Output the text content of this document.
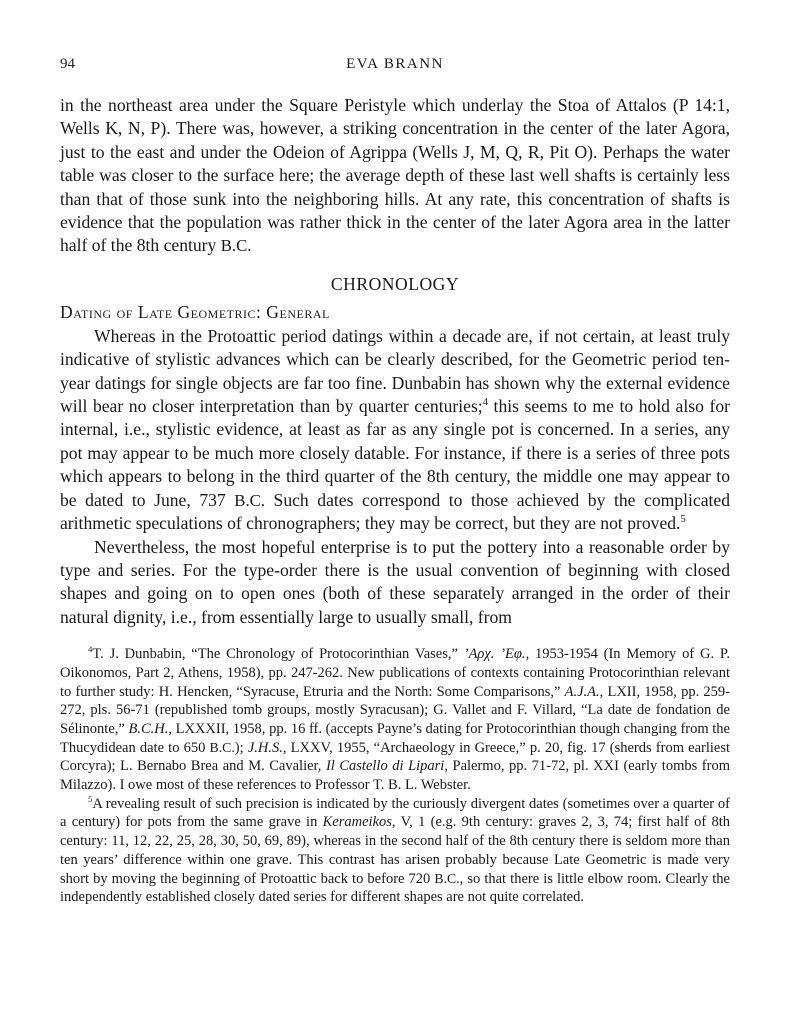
94	EVA BRANN

in the northeast area under the Square Peristyle which underlay the Stoa of Attalos (P 14:1, Wells K, N, P). There was, however, a striking concentration in the center of the later Agora, just to the east and under the Odeion of Agrippa (Wells J, M, Q, R, Pit O). Perhaps the water table was closer to the surface here; the average depth of these last well shafts is certainly less than that of those sunk into the neighboring hills. At any rate, this concentration of shafts is evidence that the population was rather thick in the center of the later Agora area in the latter half of the 8th century B.C.

CHRONOLOGY
Dating of Late Geometric: General

Whereas in the Protoattic period datings within a decade are, if not certain, at least truly indicative of stylistic advances which can be clearly described, for the Geometric period ten-year datings for single objects are far too fine. Dunbabin has shown why the external evidence will bear no closer interpretation than by quarter centuries;$^4$ this seems to me to hold also for internal, i.e., stylistic evidence, at least as far as any single pot is concerned. In a series, any pot may appear to be much more closely datable. For instance, if there is a series of three pots which appears to belong in the third quarter of the 8th century, the middle one may appear to be dated to June, 737 B.C. Such dates correspond to those achieved by the complicated arithmetic speculations of chronographers; they may be correct, but they are not proved.$^5$

Nevertheless, the most hopeful enterprise is to put the pottery into a reasonable order by type and series. For the type-order there is the usual convention of beginning with closed shapes and going on to open ones (both of these separately arranged in the order of their natural dignity, i.e., from essentially large to usually small, from

$^4$T. J. Dunbabin, “The Chronology of Protocorinthian Vases,” ’Aρχ. ’Eφ., 1953-1954 (In Memory of G. P. Oikonomos, Part 2, Athens, 1958), pp. 247-262. New publications of contexts containing Protocorinthian relevant to further study: H. Hencken, “Syracuse, Etruria and the North: Some Comparisons,” A.J.A., LXII, 1958, pp. 259-272, pls. 56-71 (republished tomb groups, mostly Syracusan); G. Vallet and F. Villard, “La date de fondation de Sélinonte,” B.C.H., LXXXII, 1958, pp. 16 ff. (accepts Payne’s dating for Protocorinthian though changing from the Thucydidean date to 650 B.C.); J.H.S., LXXV, 1955, “Archaeology in Greece,” p. 20, fig. 17 (sherds from earliest Corcyra); L. Bernabo Brea and M. Cavalier, Il Castello di Lipari, Palermo, pp. 71-72, pl. XXI (early tombs from Milazzo). I owe most of these references to Professor T. B. L. Webster.

$^5$A revealing result of such precision is indicated by the curiously divergent dates (sometimes over a quarter of a century) for pots from the same grave in Kerameikos, V, 1 (e.g. 9th century: graves 2, 3, 74; first half of 8th century: 11, 12, 22, 25, 28, 30, 50, 69, 89), whereas in the second half of the 8th century there is seldom more than ten years’ difference within one grave. This contrast has arisen probably because Late Geometric is made very short by moving the beginning of Protoattic back to before 720 B.C., so that there is little elbow room. Clearly the independently established closely dated series for different shapes are not quite correlated.
